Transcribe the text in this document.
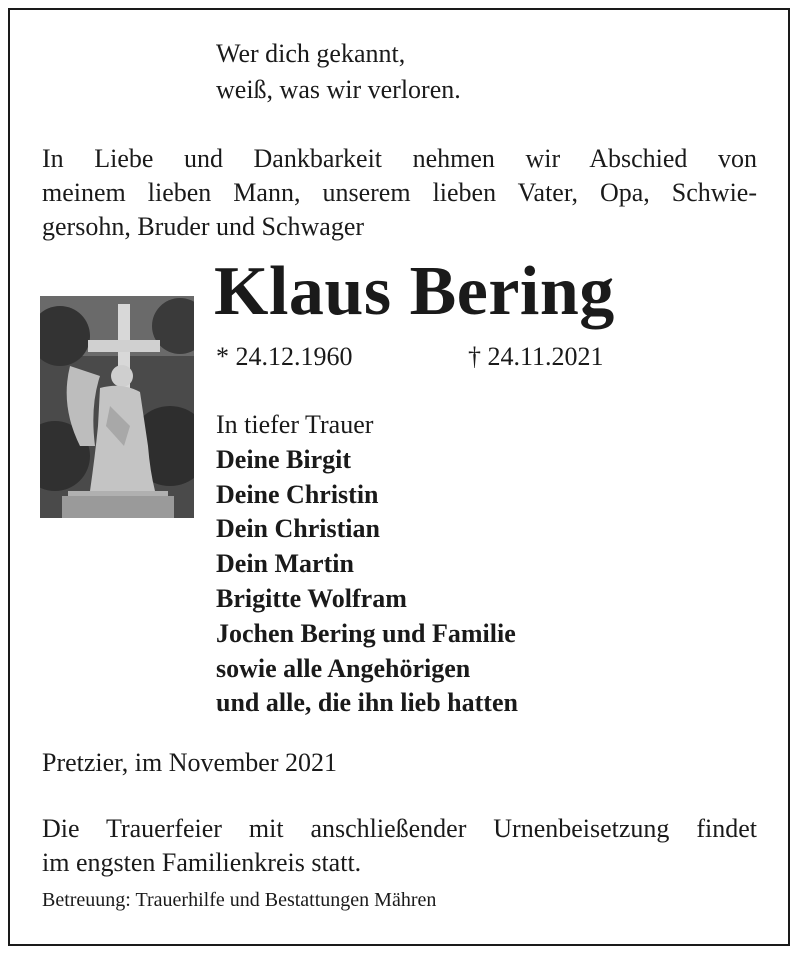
Wer dich gekannt,
weiß, was wir verloren.
In Liebe und Dankbarkeit nehmen wir Abschied von
meinem lieben Mann, unserem lieben Vater, Opa, Schwie-
gersohn, Bruder und Schwager
Klaus Bering
* 24.12.1960	† 24.11.2021
In tiefer Trauer
Deine Birgit
Deine Christin
Dein Christian
Dein Martin
Brigitte Wolfram
Jochen Bering und Familie
sowie alle Angehörigen
und alle, die ihn lieb hatten
Pretzier, im November 2021
Die Trauerfeier mit anschließender Urnenbeisetzung findet
im engsten Familienkreis statt.
Betreuung: Trauerhilfe und Bestattungen Mähren
